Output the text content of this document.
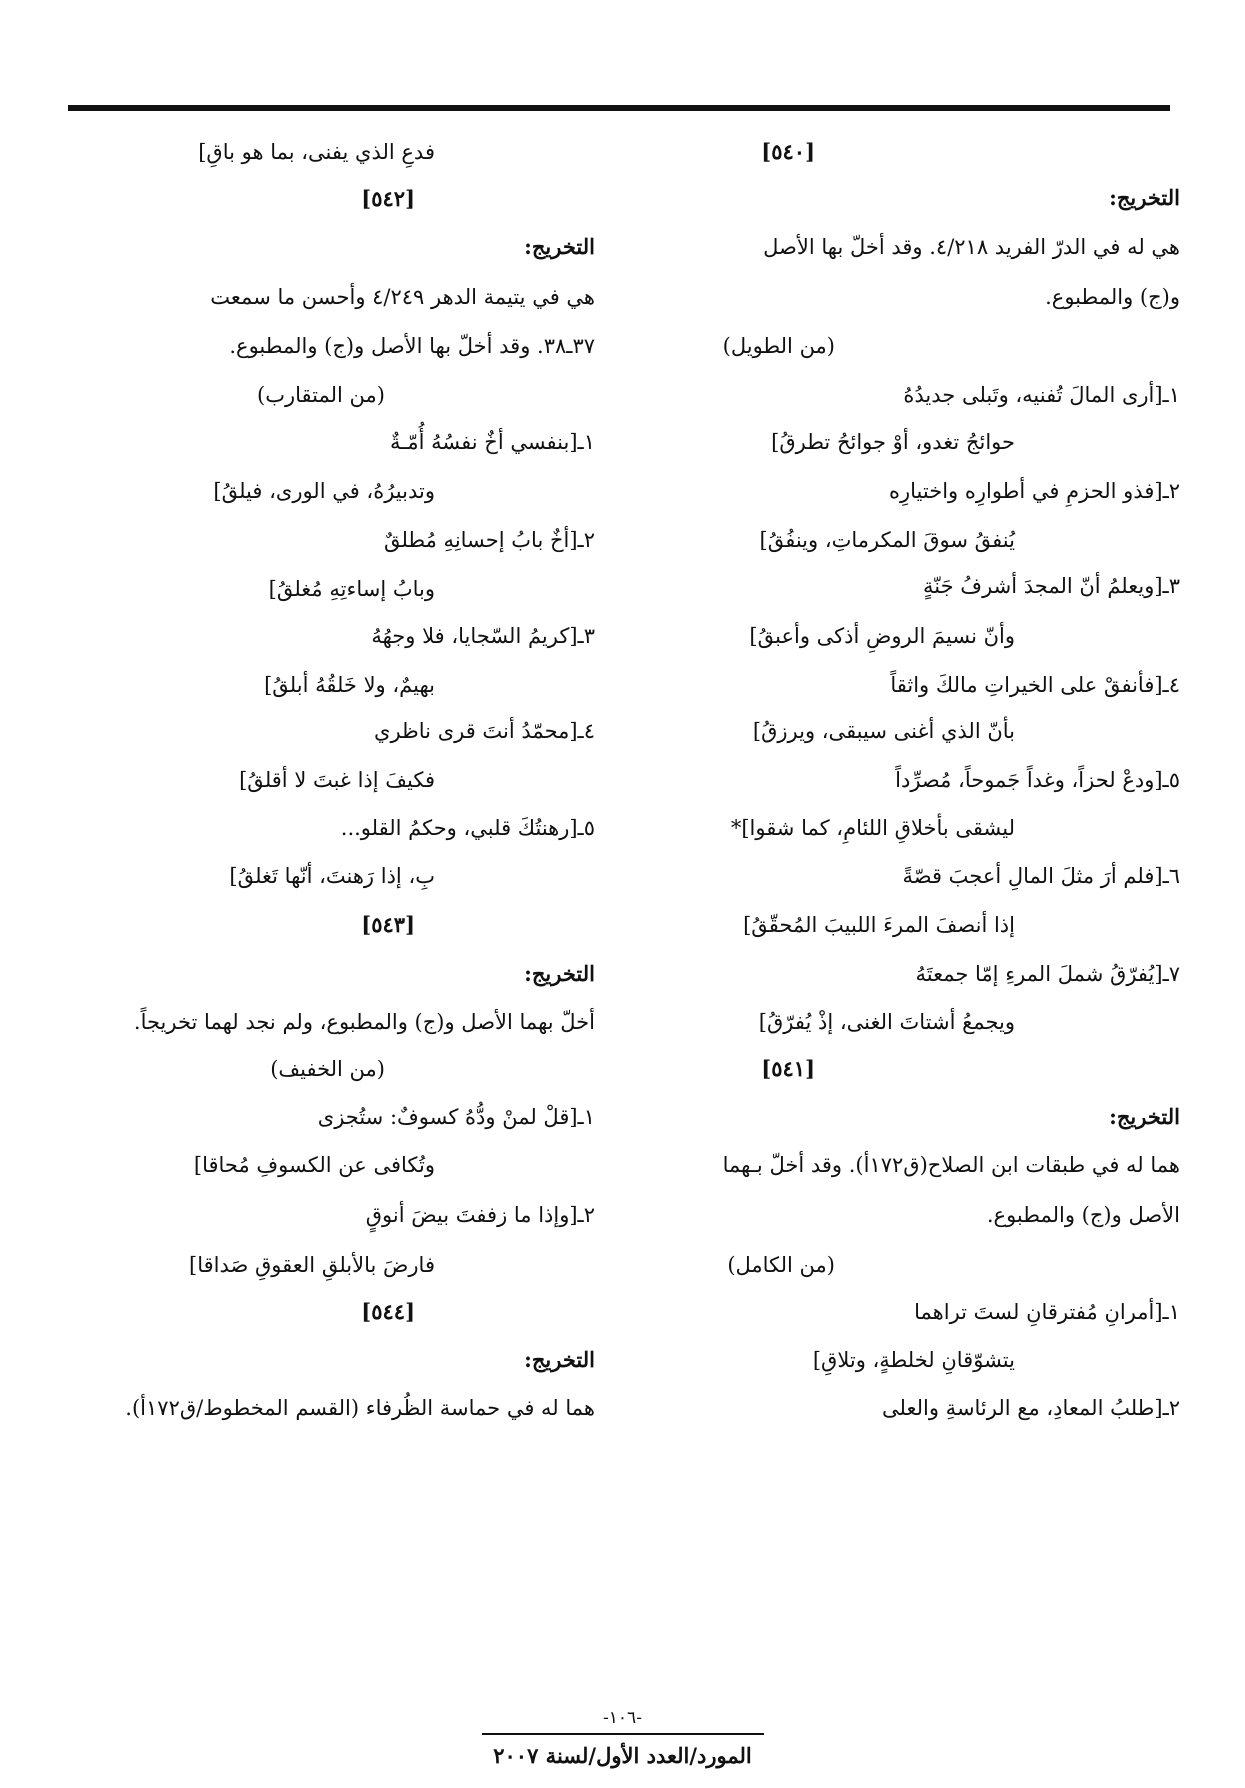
[٥٤٠]
التخريج:
هي له في الدرّ الفريد ٤/٢١٨. وقد أخلّ بها الأصل
و(ج) والمطبوع.
(من الطويل)
١ـ[أرى المالَ تُفنيه، وتَبلى جديدُهُ
حوائجُ تغدو، أوْ جوائحُ تطرقُ]
٢ـ[فذو الحزمِ في أطوارِه واختيارِه
يُنفقُ سوقَ المكرماتِ، وينفُقُ]
٣ـ[ويعلمُ أنّ المجدَ أشرفُ جَنّةٍ
وأنّ نسيمَ الروضِ أذكى وأعبقُ]
٤ـ[فأنفقْ على الخيراتِ مالكَ واثقاً
بأنّ الذي أغنى سيبقى، ويرزقُ]
٥ـ[ودعْ لحزاً، وغداً جَموحاً، مُصرِّداً
ليشقى بأخلاقِ اللئامِ، كما شقوا]*
٦ـ[فلم أرَ مثلَ المالِ أعجبَ قصّةً
إذا أنصفَ المرءَ اللبيبَ المُحقّقُ]
٧ـ[يُفرّقُ شملَ المرءِ إمّا جمعتَهُ
ويجمعُ أشتاتَ الغنى، إذْ يُفرّقُ]
[٥٤١]
التخريج:
هما له في طبقات ابن الصلاح(ق١٧٢أ). وقد أخلّ بـهما
الأصل و(ج) والمطبوع.
(من الكامل)
١ـ[أمرانِ مُفترقانِ لستَ تراهما
يتشوّقانِ لخلطةٍ، وتلاقِ]
٢ـ[طلبُ المعادِ، مع الرئاسةِ والعلى
فدعِ الذي يفنى، بما هو باقِ]
[٥٤٢]
التخريج:
هي في يتيمة الدهر ٤/٢٤٩ وأحسن ما سمعت
٣٧ـ٣٨. وقد أخلّ بها الأصل و(ج) والمطبوع.
(من المتقارب)
١ـ[بنفسي أخٌ نفسُهُ أُمّـةٌ
وتدبيرُهُ، في الورى، فيلقُ]
٢ـ[أخٌ بابُ إحسانِهِ مُطلقٌ
وبابُ إساءتِهِ مُغلقُ]
٣ـ[كريمُ السّجايا، فلا وجهُهُ
بهيمٌ، ولا خَلقُهُ أبلقُ]
٤ـ[محمّدُ أنتَ قرى ناظري
فكيفَ إذا غبتَ لا أقلقُ]
٥ـ[رهنتُكَ قلبي، وحكمُ القلو...
بِ، إذا رَهنتَ، أنّها تَغلقُ]
[٥٤٣]
التخريج:
أخلّ بهما الأصل و(ج) والمطبوع، ولم نجد لهما تخريجاً.
(من الخفيف)
١ـ[قلْ لمنْ ودُّهُ كسوفٌ: ستُجزى
وتُكافى عن الكسوفِ مُحاقا]
٢ـ[وإذا ما زففتَ بيضَ أنوقٍ
فارضَ بالأبلقِ العقوقِ صَداقا]
[٥٤٤]
التخريج:
هما له في حماسة الظُرفاء (القسم المخطوط/ق١٧٢أ).
-١٠٦-
المورد/العدد الأول/لسنة ٢٠٠٧
